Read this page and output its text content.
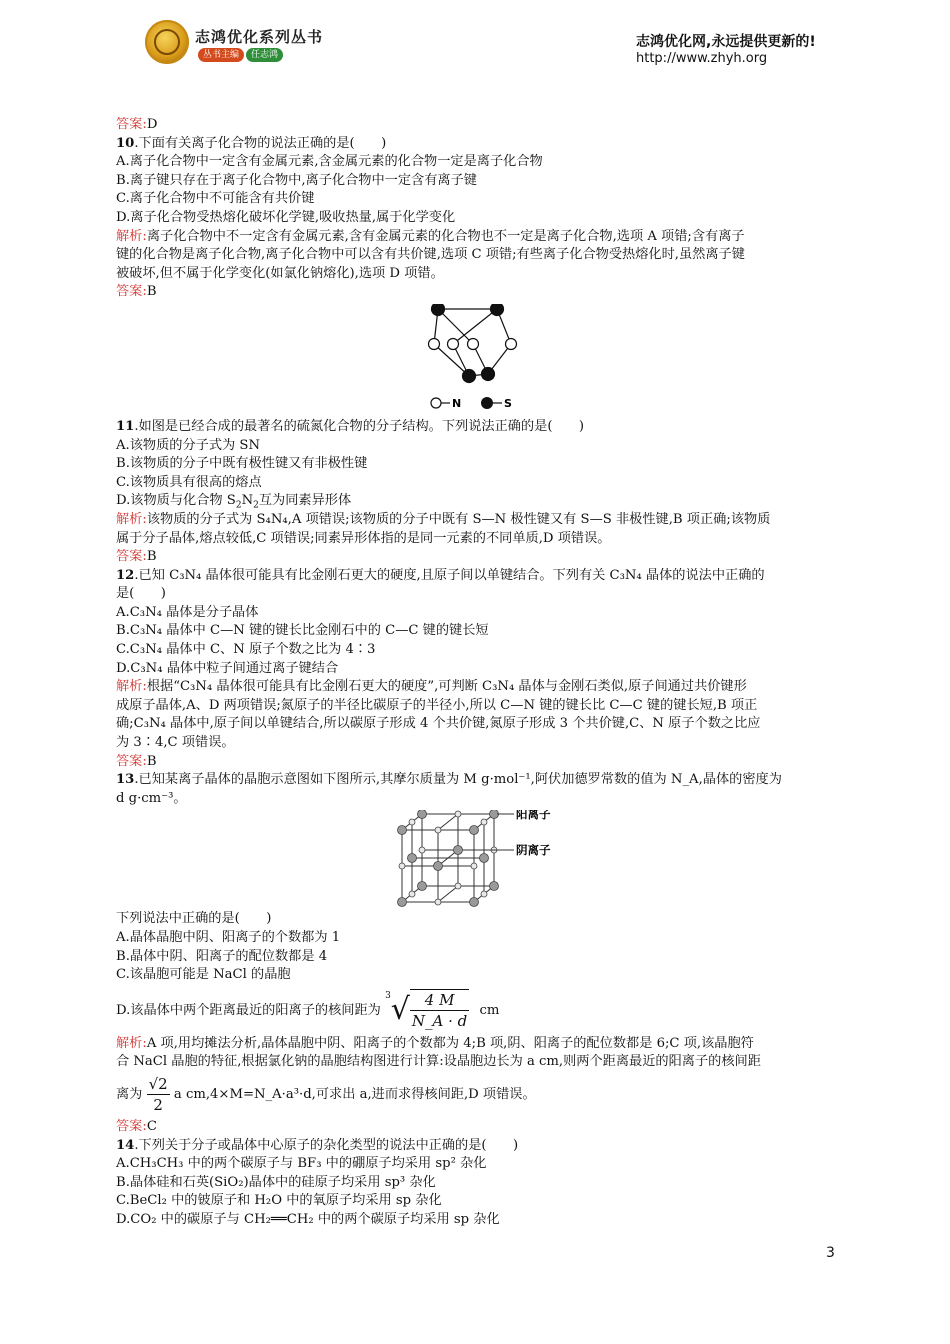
志鸿优化系列丛书
丛书主编	任志鸿
志鸿优化网,永远提供更新的!
http://www.zhyh.org

答案:D

10.下面有关离子化合物的说法正确的是(　　)

A.离子化合物中一定含有金属元素,含金属元素的化合物一定是离子化合物

B.离子键只存在于离子化合物中,离子化合物中一定含有离子键

C.离子化合物中不可能含有共价键

D.离子化合物受热熔化破坏化学键,吸收热量,属于化学变化

解析:离子化合物中不一定含有金属元素,含有金属元素的化合物也不一定是离子化合物,选项 A 项错;含有离子

键的化合物是离子化合物,离子化合物中可以含有共价键,选项 C 项错;有些离子化合物受热熔化时,虽然离子键

被破坏,但不属于化学变化(如氯化钠熔化),选项 D 项错。

答案:B

N	S

11.如图是已经合成的最著名的硫氮化合物的分子结构。下列说法正确的是(　　)

A.该物质的分子式为 SN

B.该物质的分子中既有极性键又有非极性键

C.该物质具有很高的熔点

D.该物质与化合物 $S_2N_2$互为同素异形体

解析:该物质的分子式为 S₄N₄,A 项错误;该物质的分子中既有 S—N 极性键又有 S—S 非极性键,B 项正确;该物质

属于分子晶体,熔点较低,C 项错误;同素异形体指的是同一元素的不同单质,D 项错误。

答案:B

12.已知 C₃N₄ 晶体很可能具有比金刚石更大的硬度,且原子间以单键结合。下列有关 C₃N₄ 晶体的说法中正确的

是(　　)

A.C₃N₄ 晶体是分子晶体

B.C₃N₄ 晶体中 C—N 键的键长比金刚石中的 C—C 键的键长短

C.C₃N₄ 晶体中 C、N 原子个数之比为 4∶3

D.C₃N₄ 晶体中粒子间通过离子键结合

解析:根据“C₃N₄ 晶体很可能具有比金刚石更大的硬度”,可判断 C₃N₄ 晶体与金刚石类似,原子间通过共价键形

成原子晶体,A、D 两项错误;氮原子的半径比碳原子的半径小,所以 C—N 键的键长比 C—C 键的键长短,B 项正

确;C₃N₄ 晶体中,原子间以单键结合,所以碳原子形成 4 个共价键,氮原子形成 3 个共价键,C、N 原子个数之比应

为 3∶4,C 项错误。

答案:B

13.已知某离子晶体的晶胞示意图如下图所示,其摩尔质量为 M g·mol⁻¹,阿伏加德罗常数的值为 N_A,晶体的密度为

d g·cm⁻³。

阳离子
阴离子

下列说法中正确的是(　　)

A.晶体晶胞中阴、阳离子的个数都为 1

B.晶体中阴、阳离子的配位数都是 4

C.该晶胞可能是 NaCl 的晶胞

D.该晶体中两个距离最近的阳离子的核间距为 $^3√ \frac{4 M}{N\_A \cdot d}$ cm

解析:A 项,用均摊法分析,晶体晶胞中阴、阳离子的个数都为 4;B 项,阴、阳离子的配位数都是 6;C 项,该晶胞符

合 NaCl 晶胞的特征,根据氯化钠的晶胞结构图进行计算:设晶胞边长为 a cm,则两个距离最近的阳离子的核间距

离为 $\frac{√2}{2}$ a cm,4×M=N_A·a³·d,可求出 a,进而求得核间距,D 项错误。

答案:C

14.下列关于分子或晶体中心原子的杂化类型的说法中正确的是(　　)

A.CH₃CH₃ 中的两个碳原子与 BF₃ 中的硼原子均采用 sp² 杂化

B.晶体硅和石英(SiO₂)晶体中的硅原子均采用 sp³ 杂化

C.BeCl₂ 中的铍原子和 H₂O 中的氧原子均采用 sp 杂化

D.CO₂ 中的碳原子与 CH₂══CH₂ 中的两个碳原子均采用 sp 杂化

3
